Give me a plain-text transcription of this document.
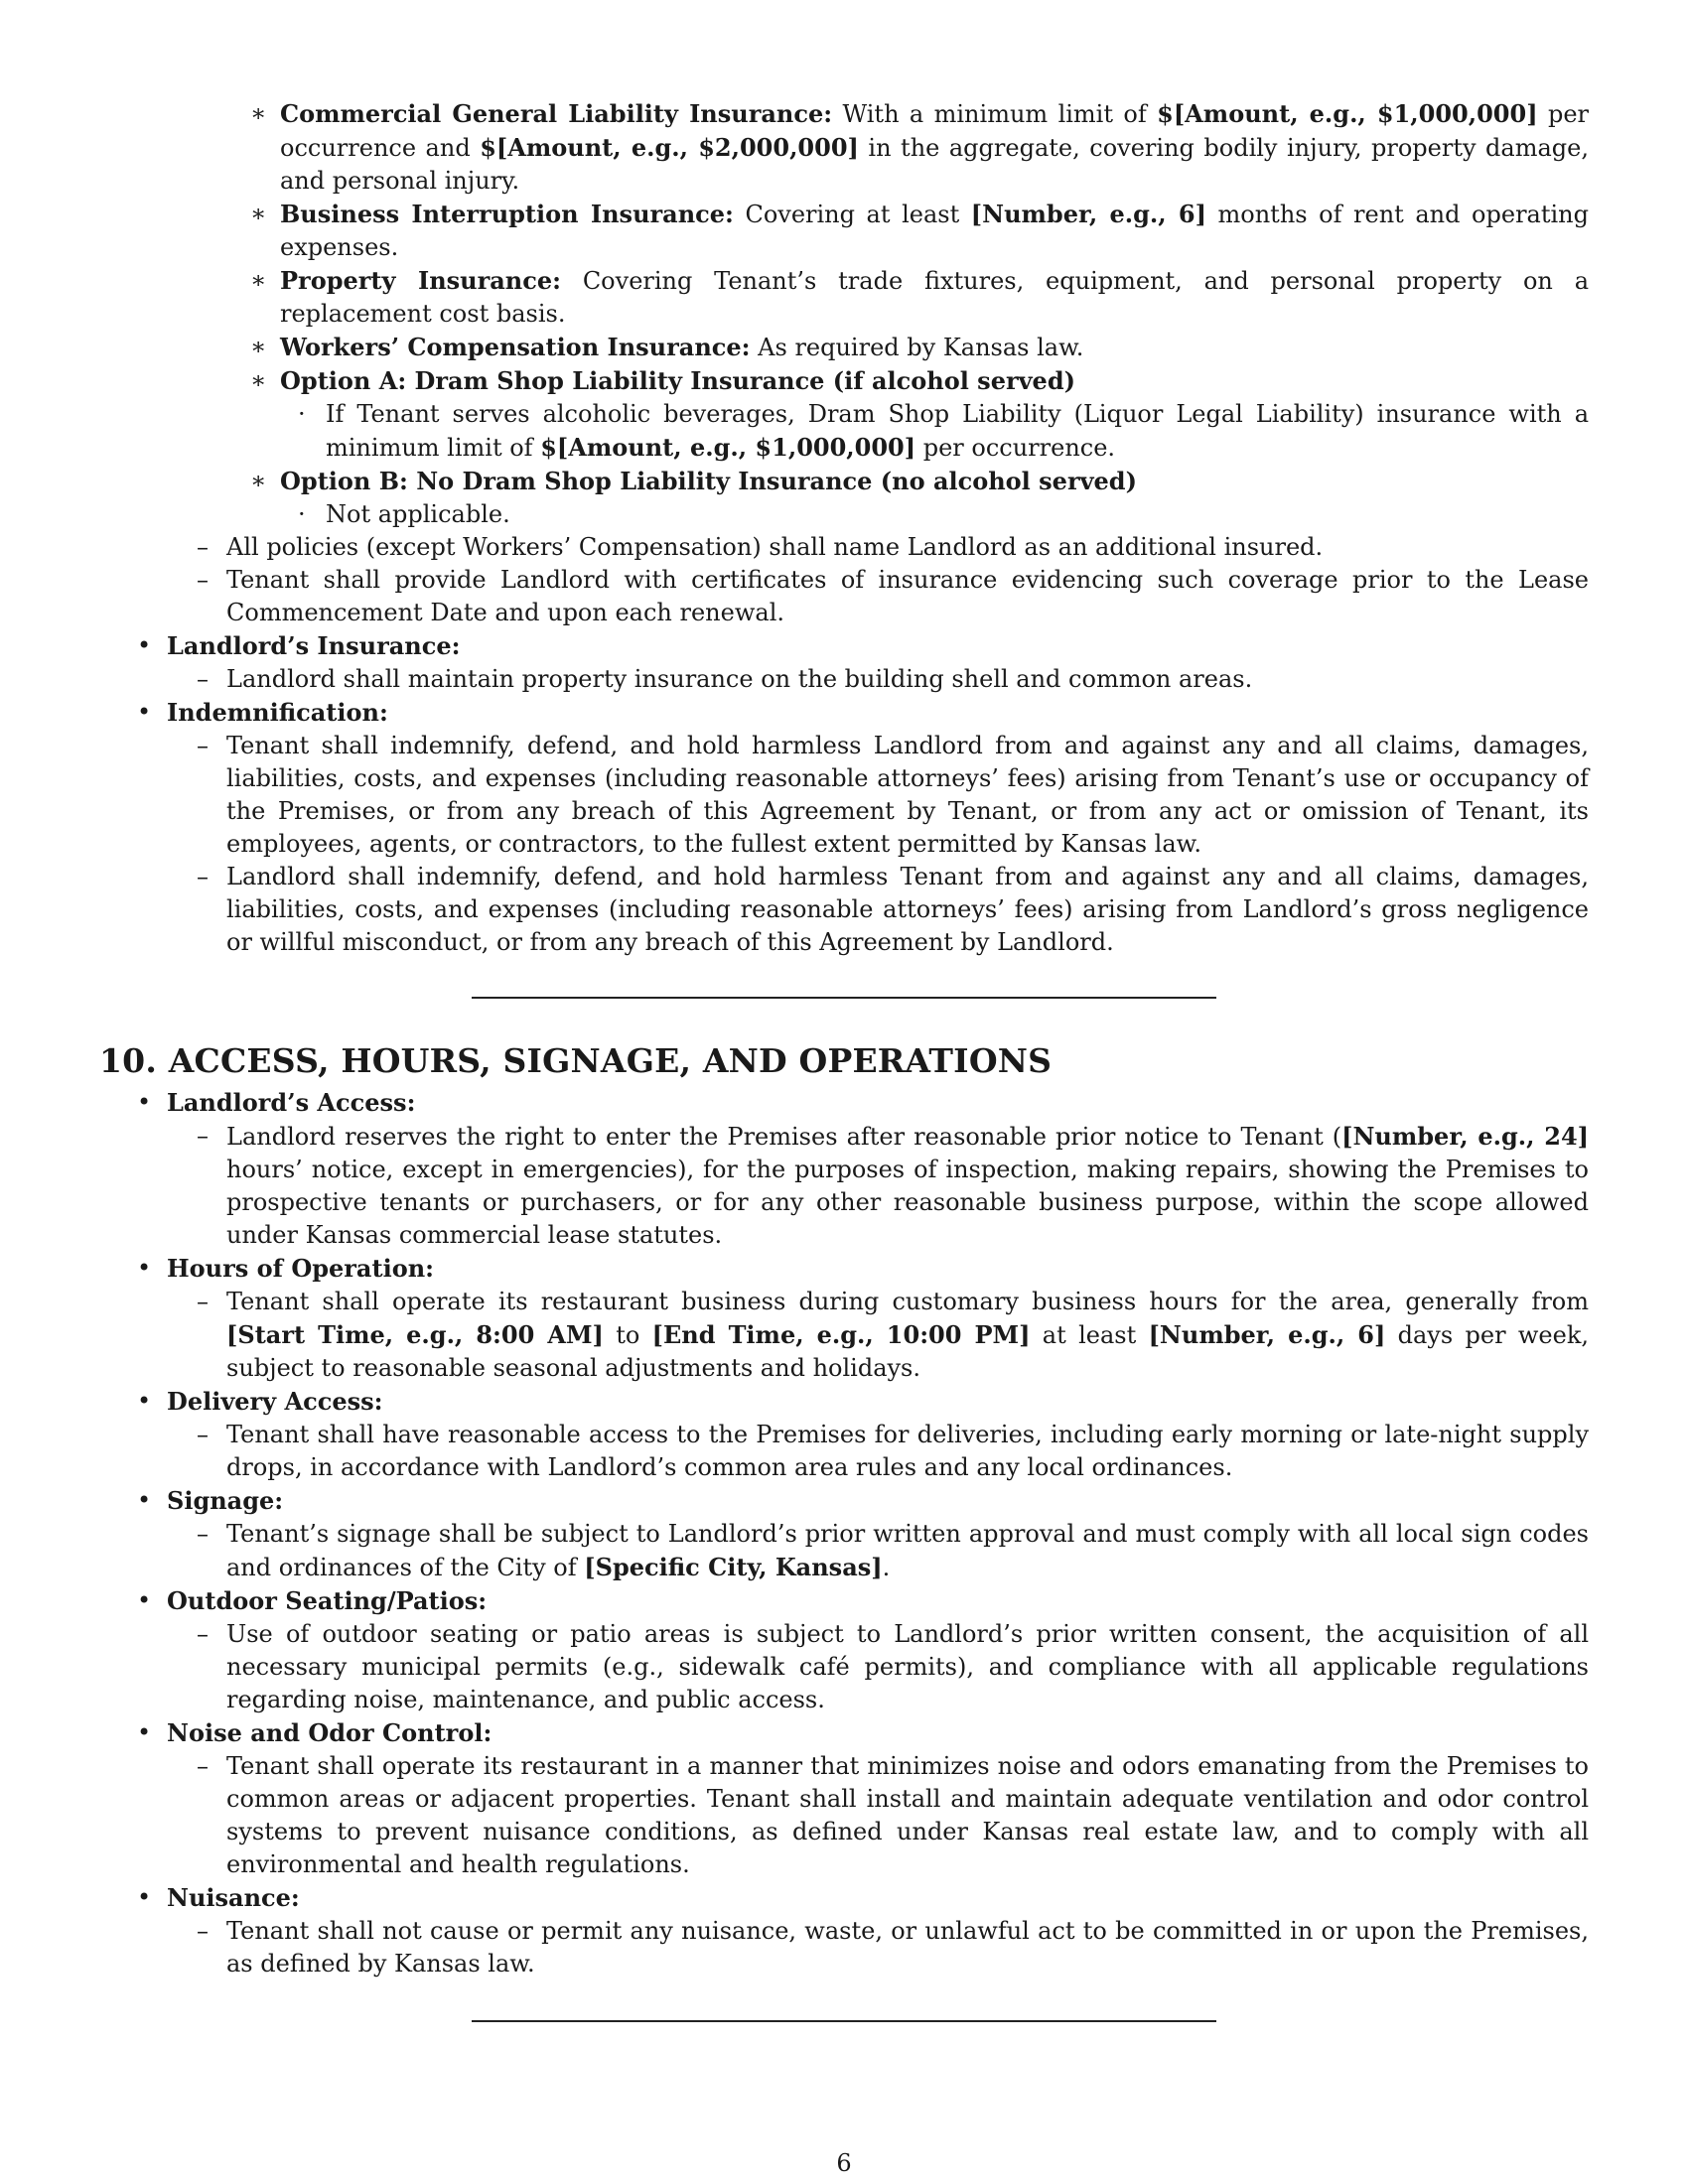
∗ Commercial General Liability Insurance: With a minimum limit of $[Amount, e.g., $1,000,000] per occurrence and $[Amount, e.g., $2,000,000] in the aggregate, covering bodily injury, property damage, and personal injury.
∗ Business Interruption Insurance: Covering at least [Number, e.g., 6] months of rent and operating expenses.
∗ Property Insurance: Covering Tenant’s trade fixtures, equipment, and personal property on a replacement cost basis.
∗ Workers’ Compensation Insurance: As required by Kansas law.
∗ Option A: Dram Shop Liability Insurance (if alcohol served)
· If Tenant serves alcoholic beverages, Dram Shop Liability (Liquor Legal Liability) insurance with a minimum limit of $[Amount, e.g., $1,000,000] per occurrence.
∗ Option B: No Dram Shop Liability Insurance (no alcohol served)
· Not applicable.
– All policies (except Workers’ Compensation) shall name Landlord as an additional insured.
– Tenant shall provide Landlord with certificates of insurance evidencing such coverage prior to the Lease Commencement Date and upon each renewal.
• Landlord’s Insurance:
– Landlord shall maintain property insurance on the building shell and common areas.
• Indemnification:
– Tenant shall indemnify, defend, and hold harmless Landlord from and against any and all claims, damages, liabilities, costs, and expenses (including reasonable attorneys’ fees) arising from Tenant’s use or occupancy of the Premises, or from any breach of this Agreement by Tenant, or from any act or omission of Tenant, its employees, agents, or contractors, to the fullest extent permitted by Kansas law.
– Landlord shall indemnify, defend, and hold harmless Tenant from and against any and all claims, damages, liabilities, costs, and expenses (including reasonable attorneys’ fees) arising from Landlord’s gross negligence or willful misconduct, or from any breach of this Agreement by Landlord.
10. ACCESS, HOURS, SIGNAGE, AND OPERATIONS
• Landlord’s Access:
– Landlord reserves the right to enter the Premises after reasonable prior notice to Tenant ([Number, e.g., 24] hours’ notice, except in emergencies), for the purposes of inspection, making repairs, showing the Premises to prospective tenants or purchasers, or for any other reasonable business purpose, within the scope allowed under Kansas commercial lease statutes.
• Hours of Operation:
– Tenant shall operate its restaurant business during customary business hours for the area, generally from [Start Time, e.g., 8:00 AM] to [End Time, e.g., 10:00 PM] at least [Number, e.g., 6] days per week, subject to reasonable seasonal adjustments and holidays.
• Delivery Access:
– Tenant shall have reasonable access to the Premises for deliveries, including early morning or late-night supply drops, in accordance with Landlord’s common area rules and any local ordinances.
• Signage:
– Tenant’s signage shall be subject to Landlord’s prior written approval and must comply with all local sign codes and ordinances of the City of [Specific City, Kansas].
• Outdoor Seating/Patios:
– Use of outdoor seating or patio areas is subject to Landlord’s prior written consent, the acquisition of all necessary municipal permits (e.g., sidewalk café permits), and compliance with all applicable regulations regarding noise, maintenance, and public access.
• Noise and Odor Control:
– Tenant shall operate its restaurant in a manner that minimizes noise and odors emanating from the Premises to common areas or adjacent properties. Tenant shall install and maintain adequate ventilation and odor control systems to prevent nuisance conditions, as defined under Kansas real estate law, and to comply with all environmental and health regulations.
• Nuisance:
– Tenant shall not cause or permit any nuisance, waste, or unlawful act to be committed in or upon the Premises, as defined by Kansas law.
6
